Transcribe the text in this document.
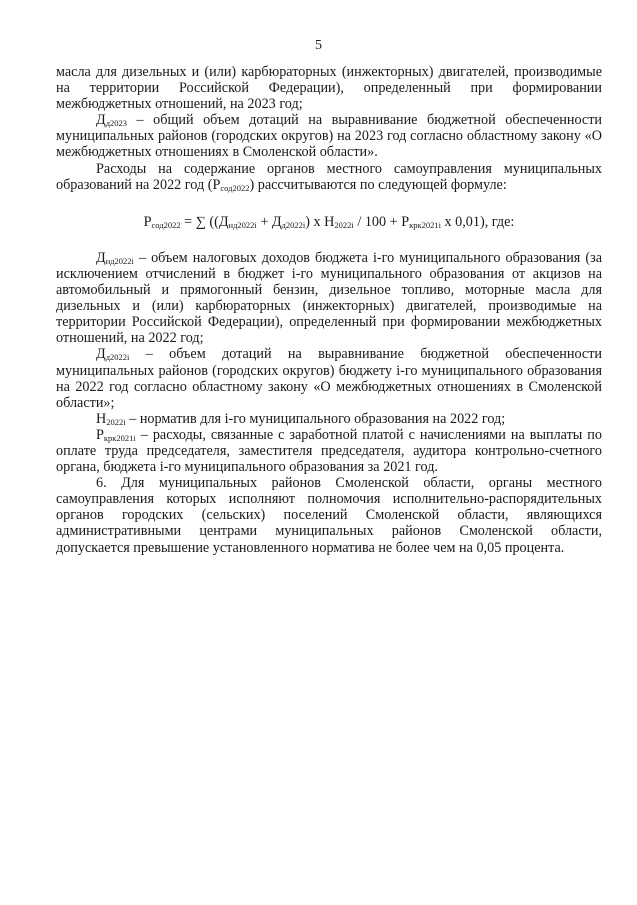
5

масла для дизельных и (или) карбюраторных (инжекторных) двигателей, производимые на территории Российской Федерации), определенный при формировании межбюджетных отношений, на 2023 год;

$Д_{д2023}$ – общий объем дотаций на выравнивание бюджетной обеспеченности муниципальных районов (городских округов) на 2023 год согласно областному закону «О межбюджетных отношениях в Смоленской области».

Расходы на содержание органов местного самоуправления муниципальных образований на 2022 год $(Р_{сод2022})$ рассчитываются по следующей формуле:

$Р_{сод2022}$ = ∑ ($(Д_{нд2022i} + Д_{д2022i})$ х $Н_{2022i} / 100 + Р_{крк2021i}$ х 0,01), где:

$Д_{нд2022i}$ – объем налоговых доходов бюджета i-го муниципального образования (за исключением отчислений в бюджет i-го муниципального образования от акцизов на автомобильный и прямогонный бензин, дизельное топливо, моторные масла для дизельных и (или) карбюраторных (инжекторных) двигателей, производимые на территории Российской Федерации), определенный при формировании межбюджетных отношений, на 2022 год;

$Д_{д2022i}$ – объем дотаций на выравнивание бюджетной обеспеченности муниципальных районов (городских округов) бюджету i-го муниципального образования на 2022 год согласно областному закону «О межбюджетных отношениях в Смоленской области»;

$Н_{2022i}$ – норматив для i-го муниципального образования на 2022 год;

$Р_{крк2021i}$ – расходы, связанные с заработной платой с начислениями на выплаты по оплате труда председателя, заместителя председателя, аудитора контрольно-счетного органа, бюджета i-го муниципального образования за 2021 год.

6. Для муниципальных районов Смоленской области, органы местного самоуправления которых исполняют полномочия исполнительно-распорядительных органов городских (сельских) поселений Смоленской области, являющихся административными центрами муниципальных районов Смоленской области, допускается превышение установленного норматива не более чем на 0,05 процента.
